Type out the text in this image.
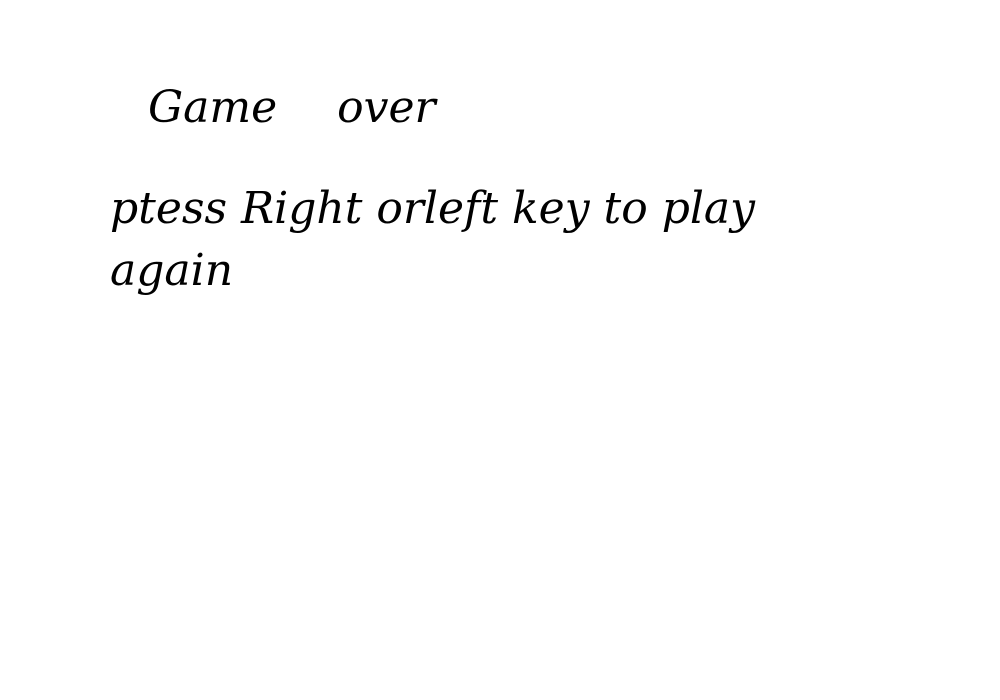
Game over

ptess Right orleft key to play again
